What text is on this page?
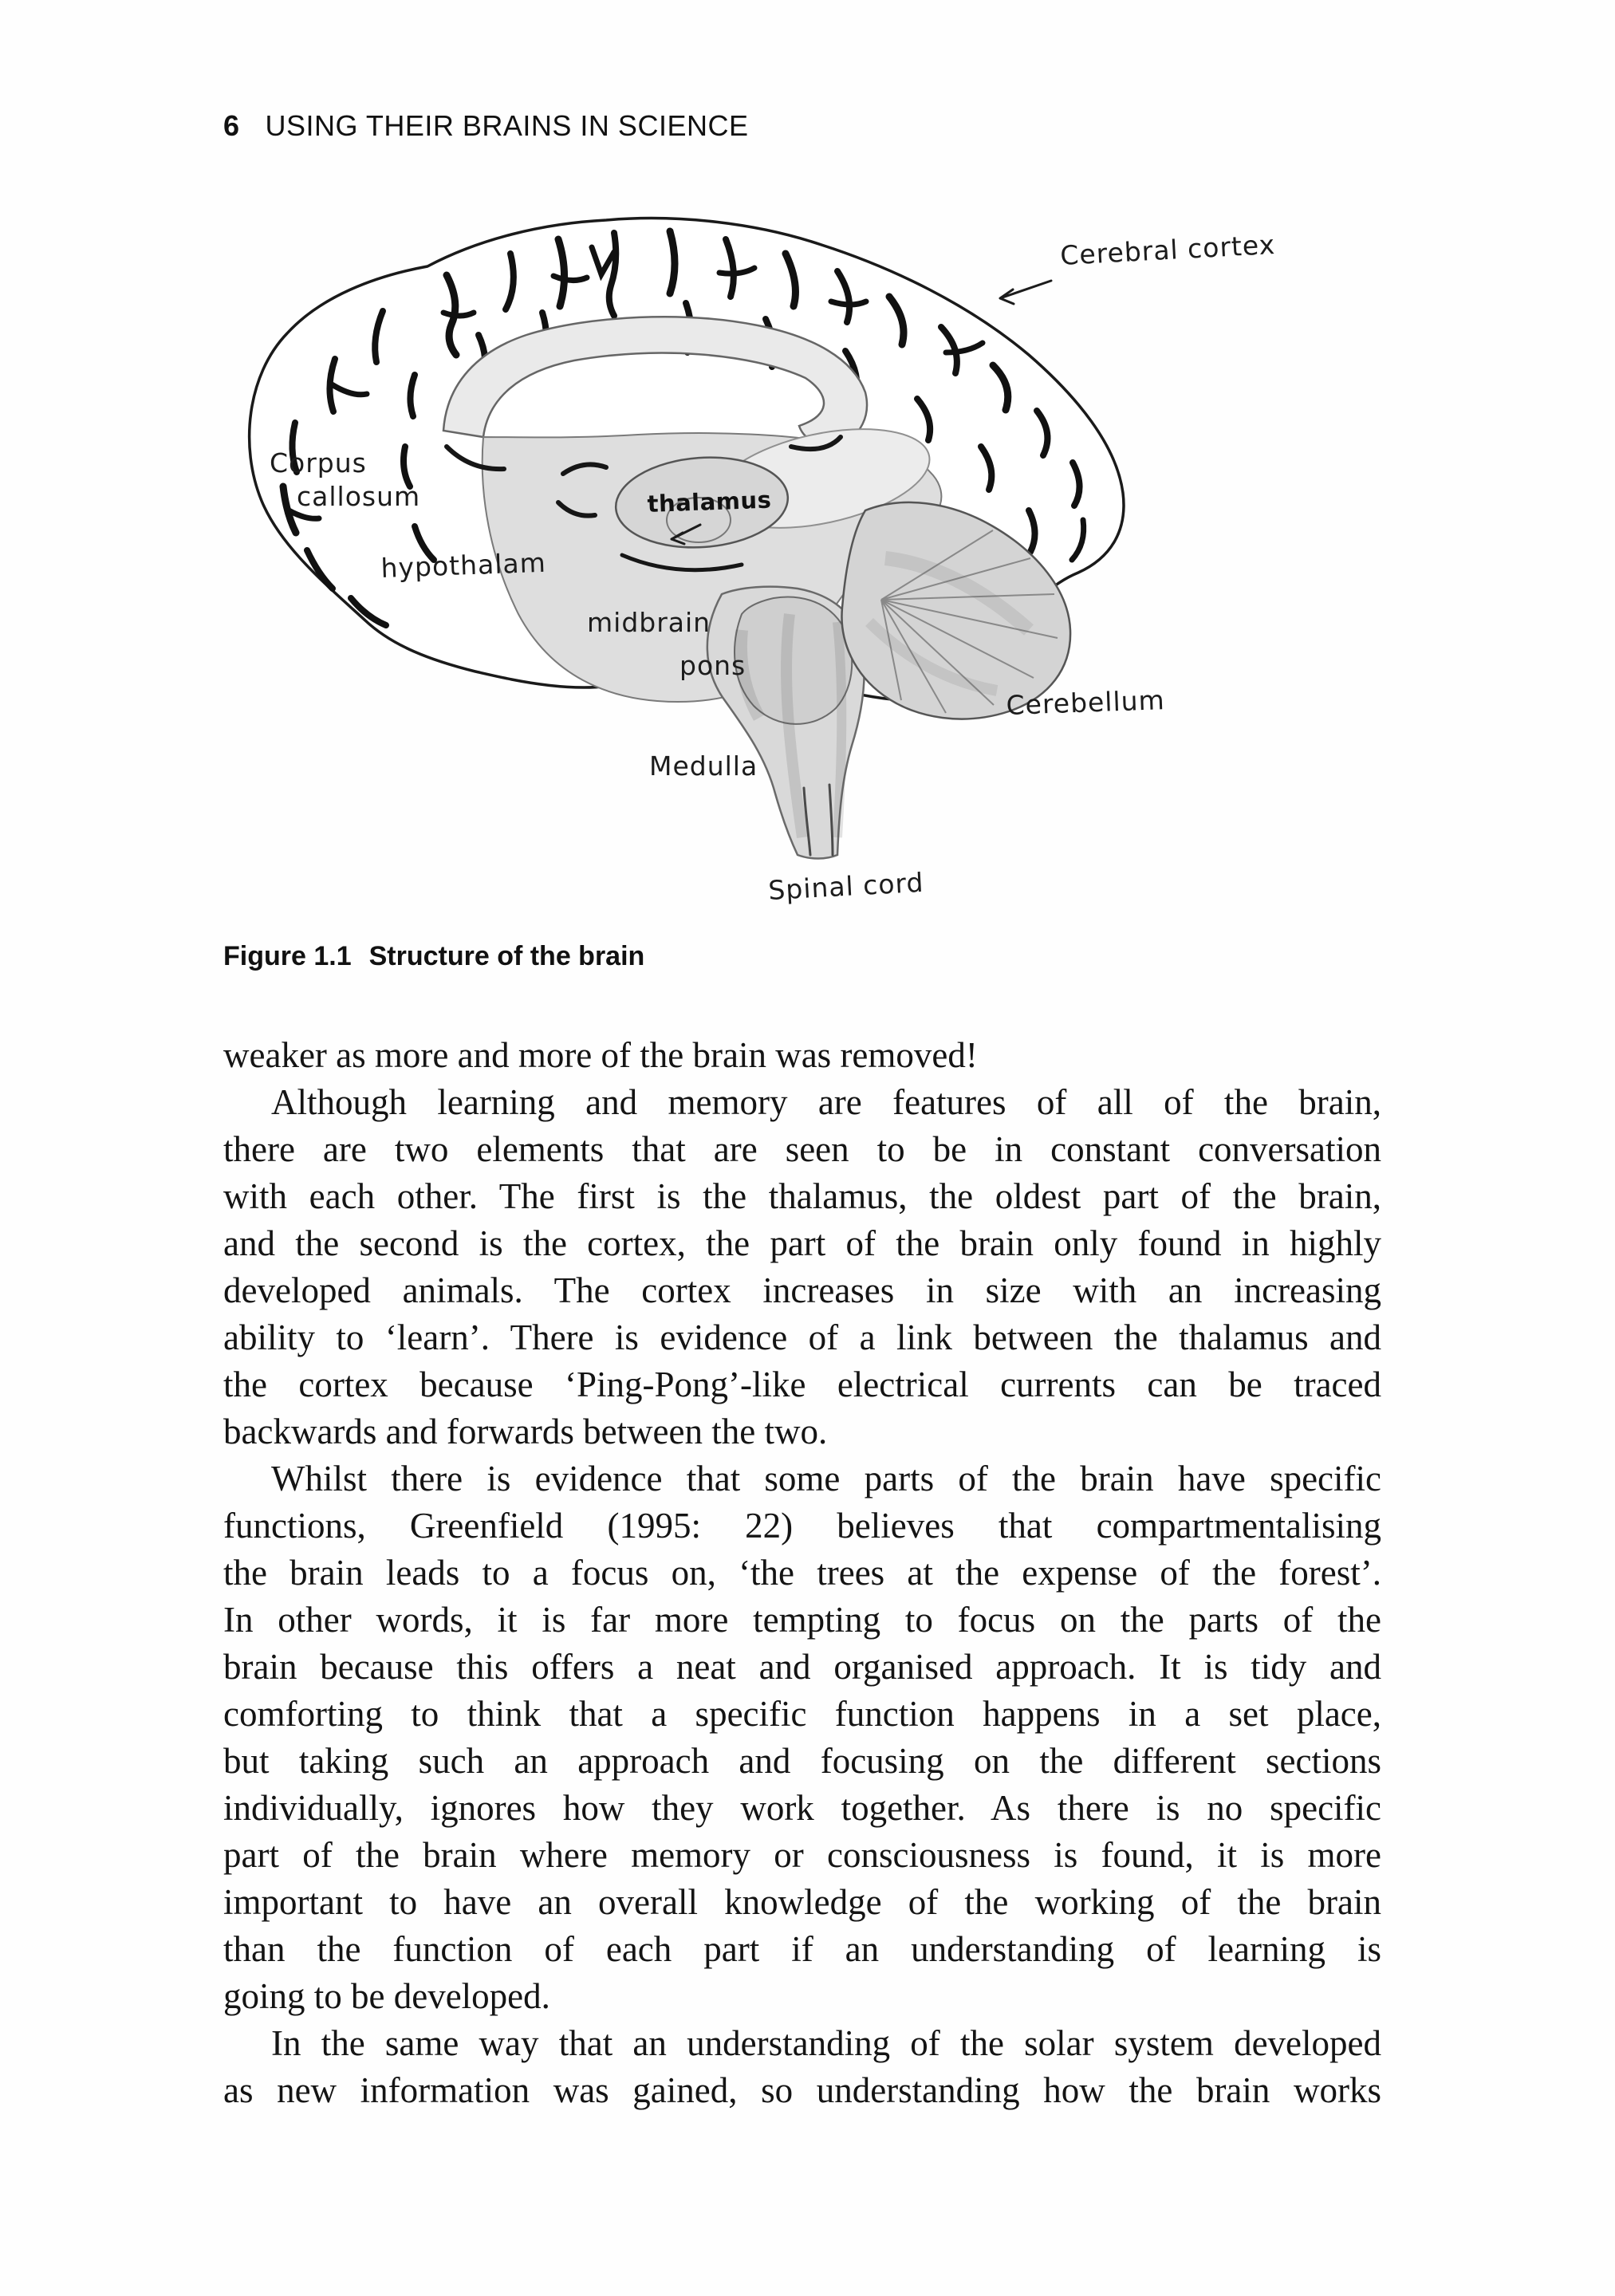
6 USING THEIR BRAINS IN SCIENCE
Cerebral cortex
Corpus
callosum
hypothalam
thalamus
midbrain
pons
Medulla
Cerebellum
Spinal cord
Figure 1.1 Structure of the brain
weaker as more and more of the brain was removed!
Although learning and memory are features of all of the brain,
there are two elements that are seen to be in constant conversation
with each other. The first is the thalamus, the oldest part of the brain,
and the second is the cortex, the part of the brain only found in highly
developed animals. The cortex increases in size with an increasing
ability to ‘learn’. There is evidence of a link between the thalamus and
the cortex because ‘Ping-Pong’-like electrical currents can be traced
backwards and forwards between the two.
Whilst there is evidence that some parts of the brain have specific
functions, Greenfield (1995: 22) believes that compartmentalising
the brain leads to a focus on, ‘the trees at the expense of the forest’.
In other words, it is far more tempting to focus on the parts of the
brain because this offers a neat and organised approach. It is tidy and
comforting to think that a specific function happens in a set place,
but taking such an approach and focusing on the different sections
individually, ignores how they work together. As there is no specific
part of the brain where memory or consciousness is found, it is more
important to have an overall knowledge of the working of the brain
than the function of each part if an understanding of learning is
going to be developed.
In the same way that an understanding of the solar system developed
as new information was gained, so understanding how the brain works
